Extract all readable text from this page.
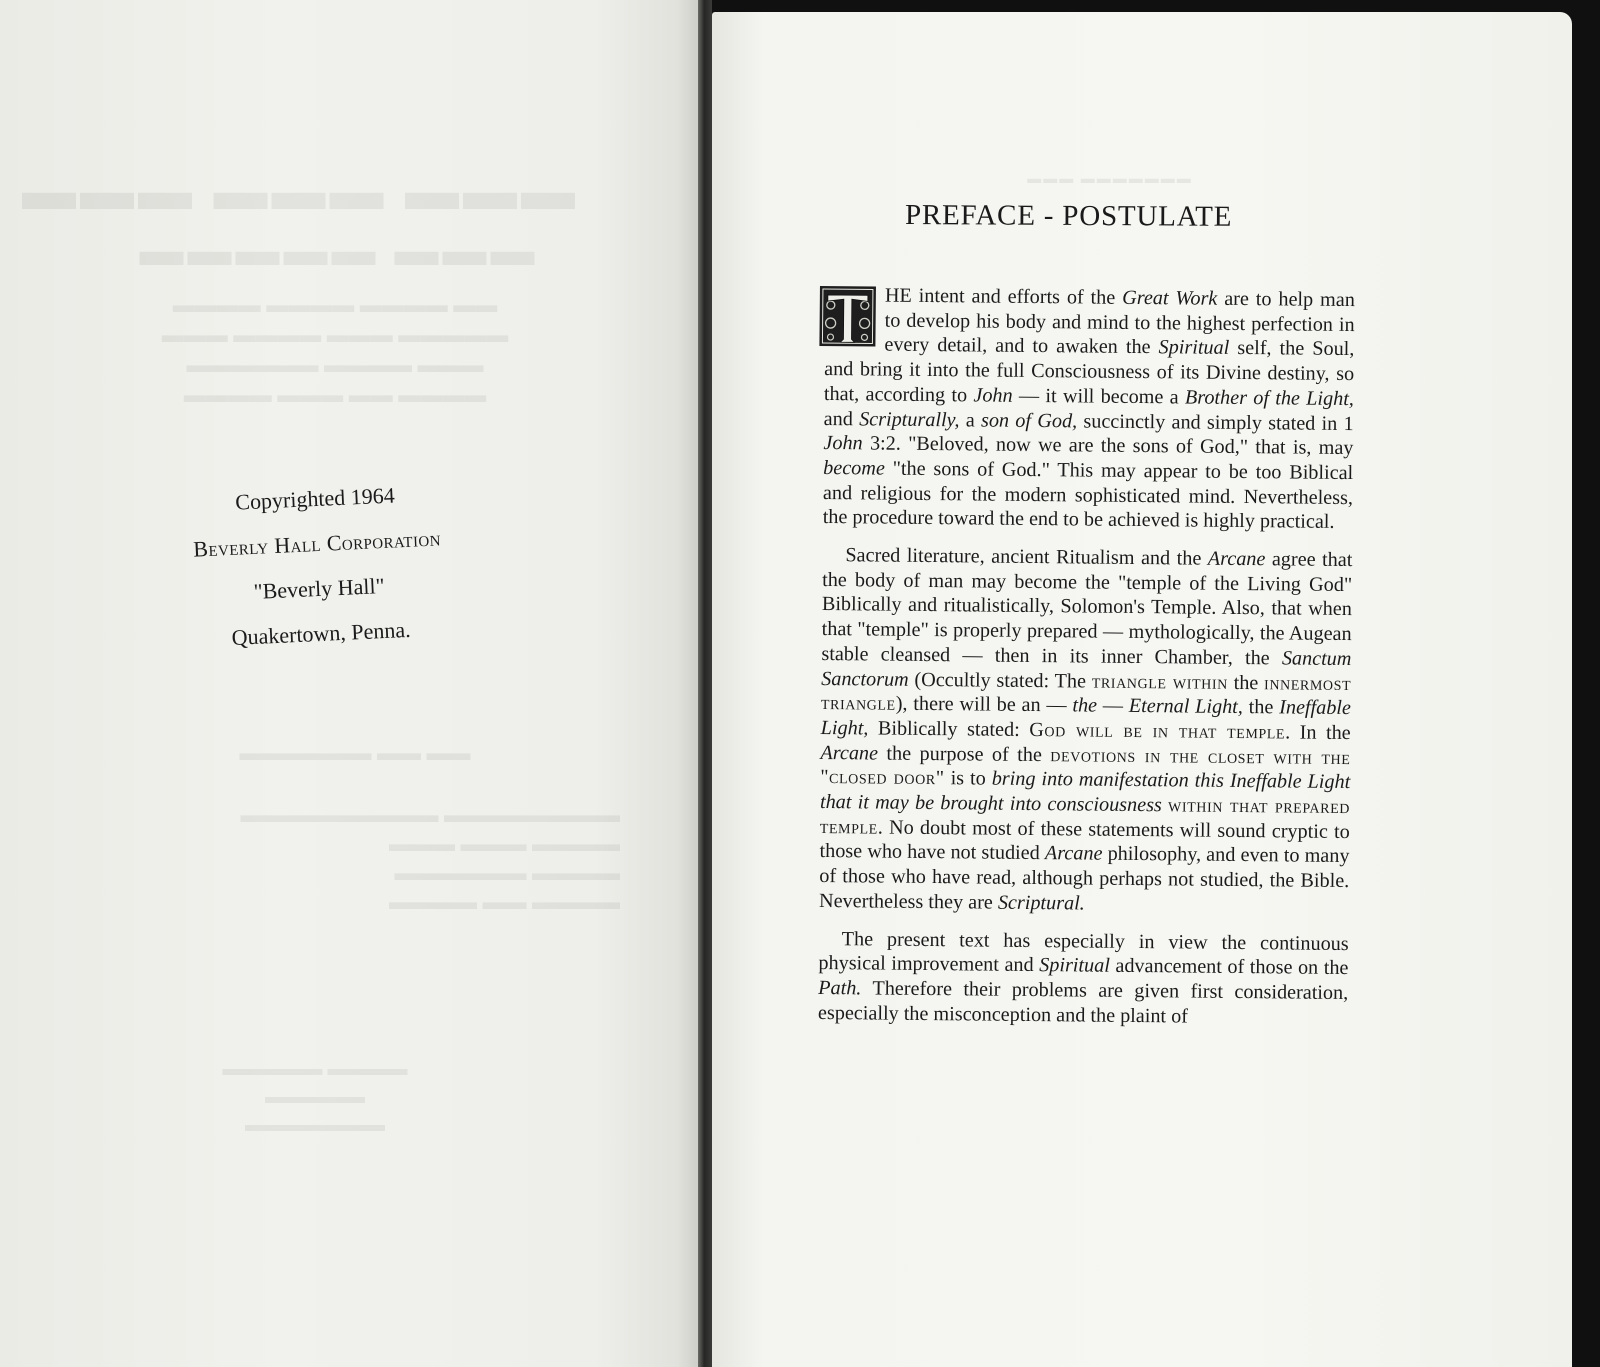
▬▬▬ ▬▬▬ ▬▬▬
▬▬▬ ▬▬▬▬▬
▬▬ ▬▬▬▬ ▬▬▬▬ ▬▬▬▬
▬▬▬▬▬ ▬▬▬ ▬▬▬▬ ▬▬▬
▬▬▬ ▬▬▬▬ ▬▬▬▬▬▬
▬▬▬▬ ▬▬ ▬▬▬ ▬▬▬▬
▬▬ ▬▬ ▬▬▬▬▬▬
▬▬▬▬▬▬▬▬ ▬▬▬▬▬▬▬▬▬
▬▬▬▬ ▬▬▬ ▬▬▬
▬▬▬▬ ▬▬▬▬▬▬
▬▬▬▬ ▬▬ ▬▬▬▬
▬▬▬▬ ▬▬▬▬▬
▬▬▬▬▬
▬▬▬▬▬▬▬
Copyrighted 1964
Beverly Hall Corporation
"Beverly Hall"
Quakertown, Penna.
▬▬▬ ▬▬▬▬▬▬▬
PREFACE - POSTULATE

HE intent and efforts of the Great Work are to help man to develop his body and mind to the highest perfection in every detail, and to awaken the Spiritual self, the Soul, and bring it into the full Consciousness of its Divine destiny, so that, according to John — it will become a Brother of the Light, and Scripturally, a son of God, succinctly and simply stated in 1 John 3:2. "Beloved, now we are the sons of God," that is, may become "the sons of God." This may appear to be too Biblical and religious for the modern sophisticated mind. Nevertheless, the procedure toward the end to be achieved is highly practical.

Sacred literature, ancient Ritualism and the Arcane agree that the body of man may become the "temple of the Living God" Biblically and ritualistically, Solomon's Temple. Also, that when that "temple" is properly prepared — mythologically, the Augean stable cleansed — then in its inner Chamber, the Sanctum Sanctorum (Occultly stated: The triangle within the innermost triangle), there will be an — the — Eternal Light, the Ineffable Light, Biblically stated: God will be in that temple. In the Arcane the purpose of the devotions in the closet with the "closed door" is to bring into manifestation this Ineffable Light that it may be brought into consciousness within that prepared temple. No doubt most of these statements will sound cryptic to those who have not studied Arcane philosophy, and even to many of those who have read, although perhaps not studied, the Bible. Nevertheless they are Scriptural.

The present text has especially in view the continuous physical improvement and Spiritual advancement of those on the Path. Therefore their problems are given first consideration, especially the misconception and the plaint of
